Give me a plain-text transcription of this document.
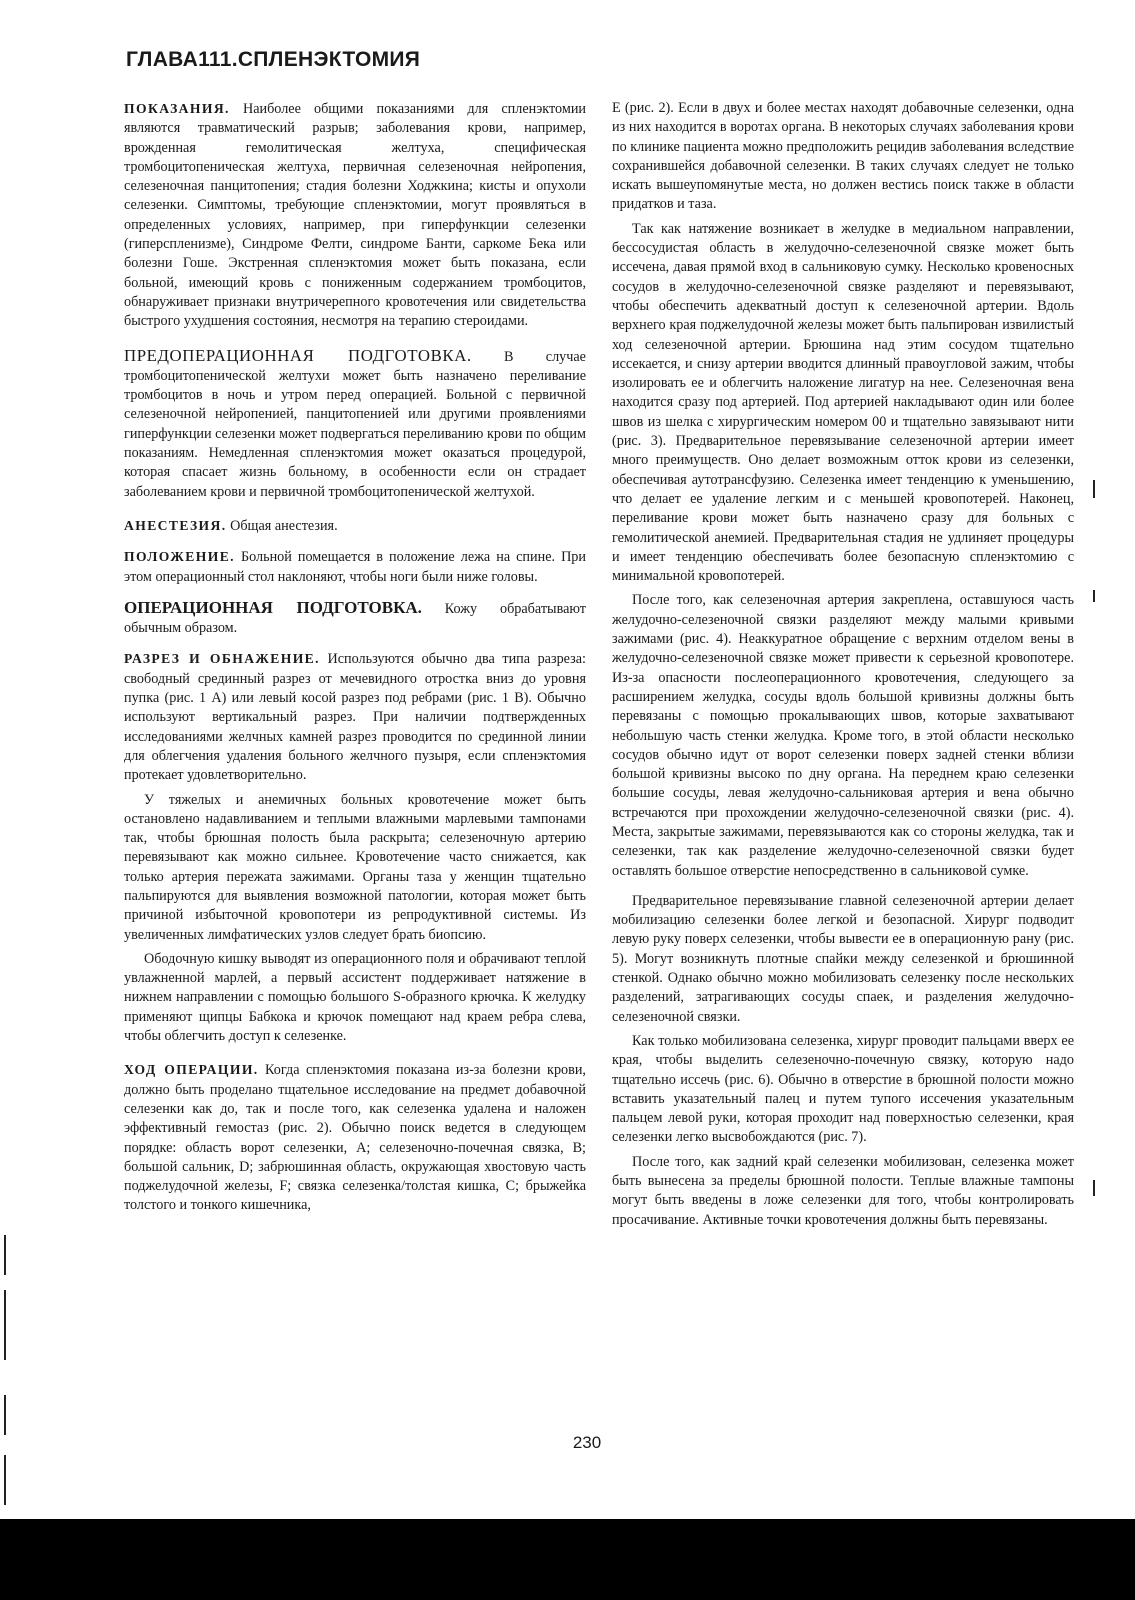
ГЛАВА111.СПЛЕНЭКТОМИЯ

ПОКАЗАНИЯ. Наиболее общими показаниями для спленэктомии являются травматический разрыв; заболевания крови, например, врожденная гемолитическая желтуха, специфическая тромбоцитопеническая желтуха, первичная селезеночная нейропения, селезеночная панцитопения; стадия болезни Ходжкина; кисты и опухоли селезенки. Симптомы, требующие спленэктомии, могут проявляться в определенных условиях, например, при гиперфункции селезенки (гиперспленизме), Синдроме Фелти, синдроме Банти, саркоме Бека или болезни Гоше. Экстренная спленэктомия может быть показана, если больной, имеющий кровь с пониженным содержанием тромбоцитов, обнаруживает признаки внутричерепного кровотечения или свидетельства быстрого ухудшения состояния, несмотря на терапию стероидами.

ПРЕДОПЕРАЦИОННАЯ ПОДГОТОВКА. В случае тромбоцитопенической желтухи может быть назначено переливание тромбоцитов в ночь и утром перед операцией. Больной с первичной селезеночной нейропенией, панцитопенией или другими проявлениями гиперфункции селезенки может подвергаться переливанию крови по общим показаниям. Немедленная спленэктомия может оказаться процедурой, которая спасает жизнь больному, в особенности если он страдает заболеванием крови и первичной тромбоцитопенической желтухой.

АНЕСТЕЗИЯ. Общая анестезия.

ПОЛОЖЕНИЕ. Больной помещается в положение лежа на спине. При этом операционный стол наклоняют, чтобы ноги были ниже головы.

ОПЕРАЦИОННАЯ ПОДГОТОВКА. Кожу обрабатывают обычным образом.

РАЗРЕЗ И ОБНАЖЕНИЕ. Используются обычно два типа разреза: свободный срединный разрез от мечевидного отростка вниз до уровня пупка (рис. 1 А) или левый косой разрез под ребрами (рис. 1 В). Обычно используют вертикальный разрез. При наличии подтвержденных исследованиями желчных камней разрез проводится по срединной линии для облегчения удаления больного желчного пузыря, если спленэктомия протекает удовлетворительно.

У тяжелых и анемичных больных кровотечение может быть остановлено надавливанием и теплыми влажными марлевыми тампонами так, чтобы брюшная полость была раскрыта; селезеночную артерию перевязывают как можно сильнее. Кровотечение часто снижается, как только артерия пережата зажимами. Органы таза у женщин тщательно пальпируются для выявления возможной патологии, которая может быть причиной избыточной кровопотери из репродуктивной системы. Из увеличенных лимфатических узлов следует брать биопсию.

Ободочную кишку выводят из операционного поля и обрачивают теплой увлажненной марлей, а первый ассистент поддерживает натяжение в нижнем направлении с помощью большого S-образного крючка. К желудку применяют щипцы Бабкока и крючок помещают над краем ребра слева, чтобы облегчить доступ к селезенке.

ХОД ОПЕРАЦИИ. Когда спленэктомия показана из-за болезни крови, должно быть проделано тщательное исследование на предмет добавочной селезенки как до, так и после того, как селезенка удалена и наложен эффективный гемостаз (рис. 2). Обычно поиск ведется в следующем порядке: область ворот селезенки, А; селезеночно-почечная связка, В; большой сальник, D; забрюшинная область, окружающая хвостовую часть поджелудочной железы, F; связка селезенка/толстая кишка, С; брыжейка толстого и тонкого кишечника,

Е (рис. 2). Если в двух и более местах находят добавочные селезенки, одна из них находится в воротах органа. В некоторых случаях заболевания крови по клинике пациента можно предположить рецидив заболевания вследствие сохранившейся добавочной селезенки. В таких случаях следует не только искать вышеупомянутые места, но должен вестись поиск также в области придатков и таза.

Так как натяжение возникает в желудке в медиальном направлении, бессосудистая область в желудочно-селезеночной связке может быть иссечена, давая прямой вход в сальниковую сумку. Несколько кровеносных сосудов в желудочно-селезеночной связке разделяют и перевязывают, чтобы обеспечить адекватный доступ к селезеночной артерии. Вдоль верхнего края поджелудочной железы может быть пальпирован извилистый ход селезеночной артерии. Брюшина над этим сосудом тщательно иссекается, и снизу артерии вводится длинный правоугловой зажим, чтобы изолировать ее и облегчить наложение лигатур на нее. Селезеночная вена находится сразу под артерией. Под артерией накладывают один или более швов из шелка с хирургическим номером 00 и тщательно завязывают нити (рис. 3). Предварительное перевязывание селезеночной артерии имеет много преимуществ. Оно делает возможным отток крови из селезенки, обеспечивая аутотрансфузию. Селезенка имеет тенденцию к уменьшению, что делает ее удаление легким и с меньшей кровопотерей. Наконец, переливание крови может быть назначено сразу для больных с гемолитической анемией. Предварительная стадия не удлиняет процедуры и имеет тенденцию обеспечивать более безопасную спленэктомию с минимальной кровопотерей.

После того, как селезеночная артерия закреплена, оставшуюся часть желудочно-селезеночной связки разделяют между малыми кривыми зажимами (рис. 4). Неаккуратное обращение с верхним отделом вены в желудочно-селезеночной связке может привести к серьезной кровопотере. Из-за опасности послеоперационного кровотечения, следующего за расширением желудка, сосуды вдоль большой кривизны должны быть перевязаны с помощью прокалывающих швов, которые захватывают небольшую часть стенки желудка. Кроме того, в этой области несколько сосудов обычно идут от ворот селезенки поверх задней стенки вблизи большой кривизны высоко по дну органа. На переднем краю селезенки большие сосуды, левая желудочно-сальниковая артерия и вена обычно встречаются при прохождении желудочно-селезеночной связки (рис. 4). Места, закрытые зажимами, перевязываются как со стороны желудка, так и селезенки, так как разделение желудочно-селезеночной связки будет оставлять большое отверстие непосредственно в сальниковой сумке.

Предварительное перевязывание главной селезеночной артерии делает мобилизацию селезенки более легкой и безопасной. Хирург подводит левую руку поверх селезенки, чтобы вывести ее в операционную рану (рис. 5). Могут возникнуть плотные спайки между селезенкой и брюшинной стенкой. Однако обычно можно мобилизовать селезенку после нескольких разделений, затрагивающих сосуды спаек, и разделения желудочно-селезеночной связки.

Как только мобилизована селезенка, хирург проводит пальцами вверх ее края, чтобы выделить селезеночно-почечную связку, которую надо тщательно иссечь (рис. 6). Обычно в отверстие в брюшной полости можно вставить указательный палец и путем тупого иссечения указательным пальцем левой руки, которая проходит над поверхностью селезенки, края селезенки легко высвобождаются (рис. 7).

После того, как задний край селезенки мобилизован, селезенка может быть вынесена за пределы брюшной полости. Теплые влажные тампоны могут быть введены в ложе селезенки для того, чтобы контролировать просачивание. Активные точки кровотечения должны быть перевязаны.

230
